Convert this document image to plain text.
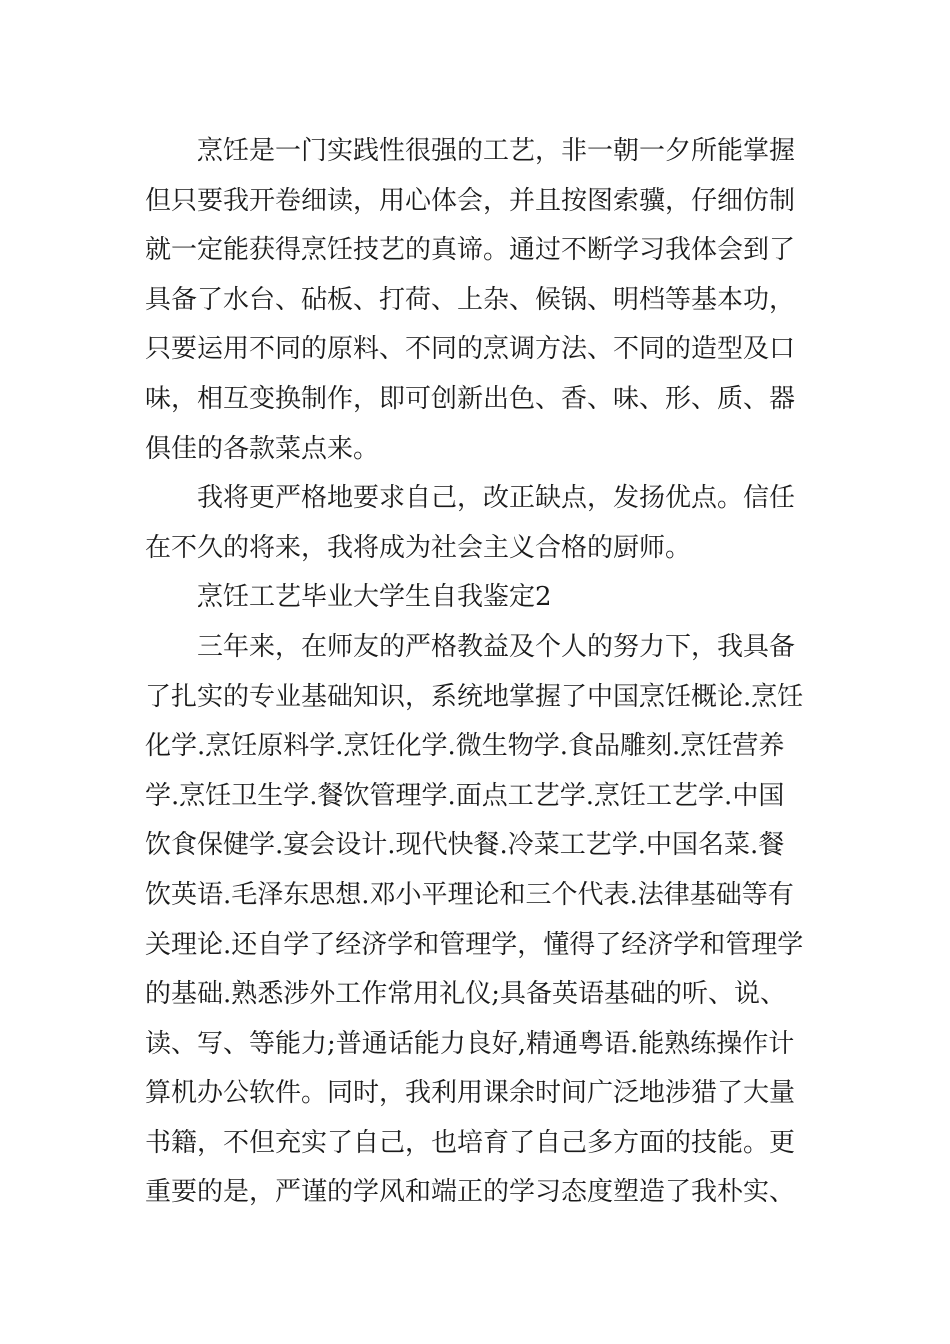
烹饪是一门实践性很强的工艺，非一朝一夕所能掌握
但只要我开卷细读，用心体会，并且按图索骥，仔细仿制
就一定能获得烹饪技艺的真谛。通过不断学习我体会到了
具备了水台、砧板、打荷、上杂、候锅、明档等基本功，
只要运用不同的原料、不同的烹调方法、不同的造型及口
味，相互变换制作，即可创新出色、香、味、形、质、器
俱佳的各款菜点来。

我将更严格地要求自己，改正缺点，发扬优点。信任
在不久的将来，我将成为社会主义合格的厨师。

烹饪工艺毕业大学生自我鉴定2

三年来，在师友的严格教益及个人的努力下，我具备
了扎实的专业基础知识，系统地掌握了中国烹饪概论.烹饪
化学.烹饪原料学.烹饪化学.微生物学.食品雕刻.烹饪营养
学.烹饪卫生学.餐饮管理学.面点工艺学.烹饪工艺学.中国
饮食保健学.宴会设计.现代快餐.冷菜工艺学.中国名菜.餐
饮英语.毛泽东思想.邓小平理论和三个代表.法律基础等有
关理论.还自学了经济学和管理学，懂得了经济学和管理学
的基础.熟悉涉外工作常用礼仪;具备英语基础的听、说、
读、写、等能力;普通话能力良好,精通粤语.能熟练操作计
算机办公软件。同时，我利用课余时间广泛地涉猎了大量
书籍，不但充实了自己，也培育了自己多方面的技能。更
重要的是，严谨的学风和端正的学习态度塑造了我朴实、
